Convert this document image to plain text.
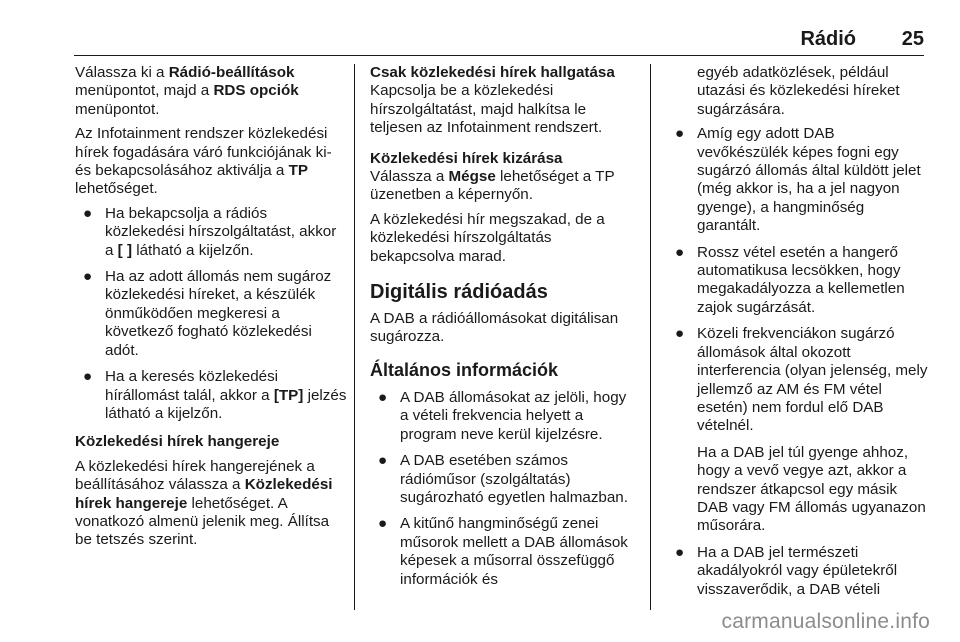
Rádió 25

Válassza ki a Rádió-beállítások menüpontot, majd a RDS opciók menüpontot.

Az Infotainment rendszer közlekedési hírek fogadására váró funkciójának ki- és bekapcsolásához aktiválja a TP lehetőséget.

● Ha bekapcsolja a rádiós közlekedési hírszolgáltatást, akkor a [ ] látható a kijelzőn.
● Ha az adott állomás nem sugároz közlekedési híreket, a készülék önműködően megkeresi a következő fogható közlekedési adót.
● Ha a keresés közlekedési hírállomást talál, akkor a [TP] jelzés látható a kijelzőn.

Közlekedési hírek hangereje

A közlekedési hírek hangerejének a beállításához válassza a Közlekedési hírek hangereje lehetőséget. A vonatkozó almenü jelenik meg. Állítsa be tetszés szerint.

Csak közlekedési hírek hallgatása

Kapcsolja be a közlekedési hírszolgáltatást, majd halkítsa le teljesen az Infotainment rendszert.

Közlekedési hírek kizárása

Válassza a Mégse lehetőséget a TP üzenetben a képernyőn.

A közlekedési hír megszakad, de a közlekedési hírszolgáltatás bekapcsolva marad.

Digitális rádióadás

A DAB a rádióállomásokat digitálisan sugározza.

Általános információk

● A DAB állomásokat az jelöli, hogy a vételi frekvencia helyett a program neve kerül kijelzésre.
● A DAB esetében számos rádióműsor (szolgáltatás) sugározható egyetlen halmazban.
● A kitűnő hangminőségű zenei műsorok mellett a DAB állomások képesek a műsorral összefüggő információk és

egyéb adatközlések, például utazási és közlekedési híreket sugárzására.

● Amíg egy adott DAB vevőkészülék képes fogni egy sugárzó állomás által küldött jelet (még akkor is, ha a jel nagyon gyenge), a hangminőség garantált.
● Rossz vétel esetén a hangerő automatikusa lecsökken, hogy megakadályozza a kellemetlen zajok sugárzását.
● Közeli frekvenciákon sugárzó állomások által okozott interferencia (olyan jelenség, mely jellemző az AM és FM vétel esetén) nem fordul elő DAB vételnél.

Ha a DAB jel túl gyenge ahhoz, hogy a vevő vegye azt, akkor a rendszer átkapcsol egy másik DAB vagy FM állomás ugyanazon műsorára.

● Ha a DAB jel természeti akadályokról vagy épületekről visszaverődik, a DAB vételi
carmanualsonline.info
